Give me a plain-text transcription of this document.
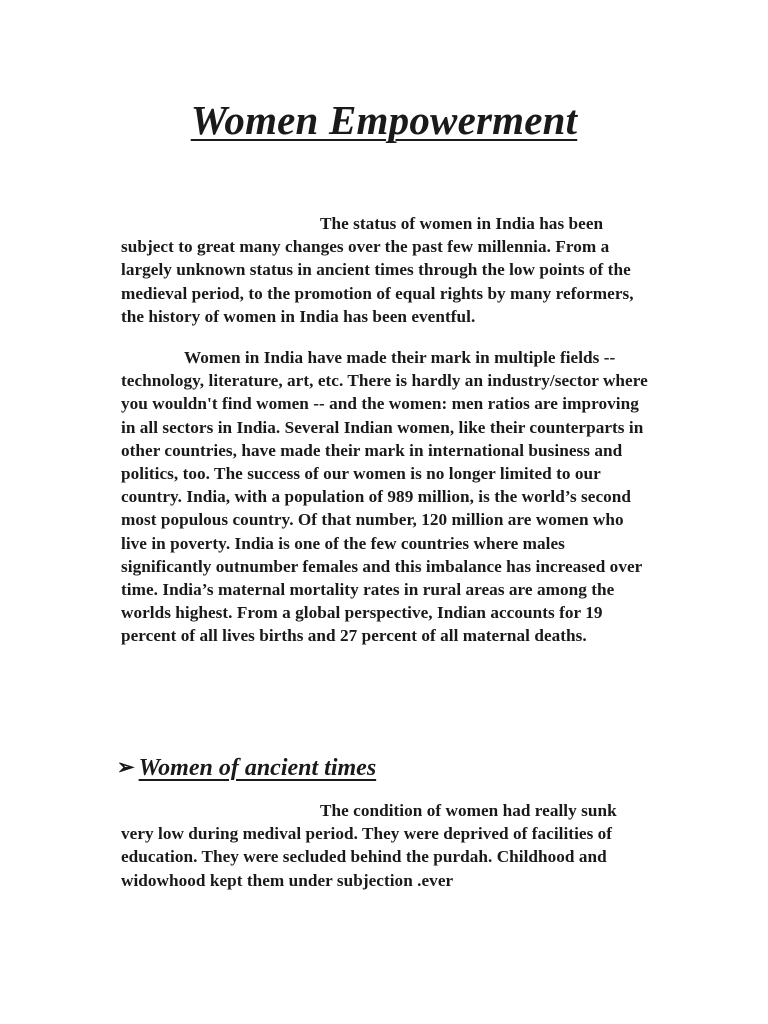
Women Empowerment

The status of women in India has been subject to great many changes over the past few millennia. From a largely unknown status in ancient times through the low points of the medieval period, to the promotion of equal rights by many reformers, the history of women in India has been eventful.

Women in India have made their mark in multiple fields -- technology, literature, art, etc. There is hardly an industry/sector where you wouldn't find women -- and the women: men ratios are improving in all sectors in India. Several Indian women, like their counterparts in other countries, have made their mark in international business and politics, too. The success of our women is no longer limited to our country. India, with a population of 989 million, is the world’s second most populous country. Of that number, 120 million are women who live in poverty. India is one of the few countries where males significantly outnumber females and this imbalance has increased over time. India’s maternal mortality rates in rural areas are among the worlds highest. From a global perspective, Indian accounts for 19 percent of all lives births and 27 percent of all maternal deaths.

➢ Women of ancient times

The condition of women had really sunk very low during medival period. They were deprived of facilities of education. They were secluded behind the purdah. Childhood and widowhood kept them under subjection .ever
